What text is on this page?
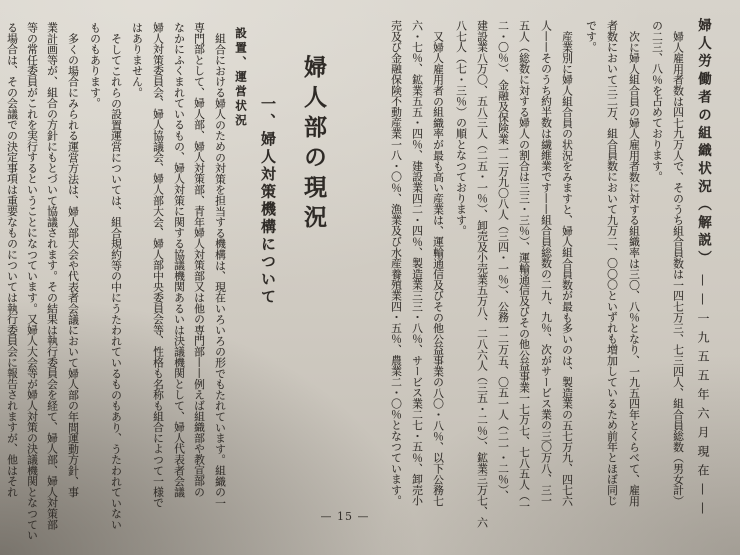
婦人労働者の組織状況（解説）
——一九五五年六月現在——
婦人雇用者数は四七九万人で、そのうち組合員数は一四七万三、七三四人、組合員総数（男女計）
の二三、八％を占めております。
次に婦人組合員の婦人雇用者数に対する組織率は三〇、八％となり、一九五四年とくらべて、雇用
者数において三二万、組合員数において九万二、〇〇〇といずれも増加しているため前年とほぼ同じ
です。
産業別に婦人組合員の状況をみますと、婦人組合員数が最も多いのは、製造業の五七万九、四七六
人——そのうち約半数は繊維業です——組合員総数の二九、九％、次がサービス業の三〇万八、三一
五人（総数に対する婦人の割合は三三・三％）、運輸通信及びその他公益事業一七万七、七八五人（一
二・〇％）、金融及保険業一二万九〇八人（三四・一％）、公務一二万五、〇五一人（二一・二％）、
建設業八万〇、五八三人（二五・一％）、卸売及小売業五万八、二八六人（三五・二％）、鉱業三万七、六
八七人（七・三％）の順となつております。
又婦人雇用者の組織率が最も高い産業は、運輸通信及びその他公益事業の八〇・八％、以下公務七
六・七％、鉱業五五・四％、建設業四二・四％、製造業三三・八％、サービス業二七・五％、卸売小
売及び金融保険不動産業一八・〇％、漁業及び水産養殖業四・五％、農業二・〇％となつています。
婦人部の現況
一、婦人対策機構について
設置、運営状況
組合における婦人のための対策を担当する機構は、現在いろいろの形でもたれています。組織の一
専門部として、婦人部、婦人対策部、青年婦人対策部又は他の専門部——例えば組織部や教宣部の
なかにふくまれているもの、婦人対策に関する協議機関あるいは決議機関として、婦人代表者会議
婦人対策委員会、婦人協議会、婦人部大会、婦人部中央委員会等、性格も名称も組合によつて一様で
はありません。
そしてこれらの設置運営については、組合規約等の中にうたわれているものもあり、うたわれていない
ものもあります。
多くの場合にみられる運営方法は、婦人部大会や代表者会議において婦人部の年間運動方針、事
業計画等が、組合の方針にもとづいて協議されます。その結果は執行委員会を経て、婦人部、婦人対策部
等の常任委員がこれを実行するということになつています。又婦人大会等が婦人対策の決議機関となつてい
る場合は、その会議での決定事項は重要なものについては執行委員会に報告されますが、他はそれ
— 15 —
